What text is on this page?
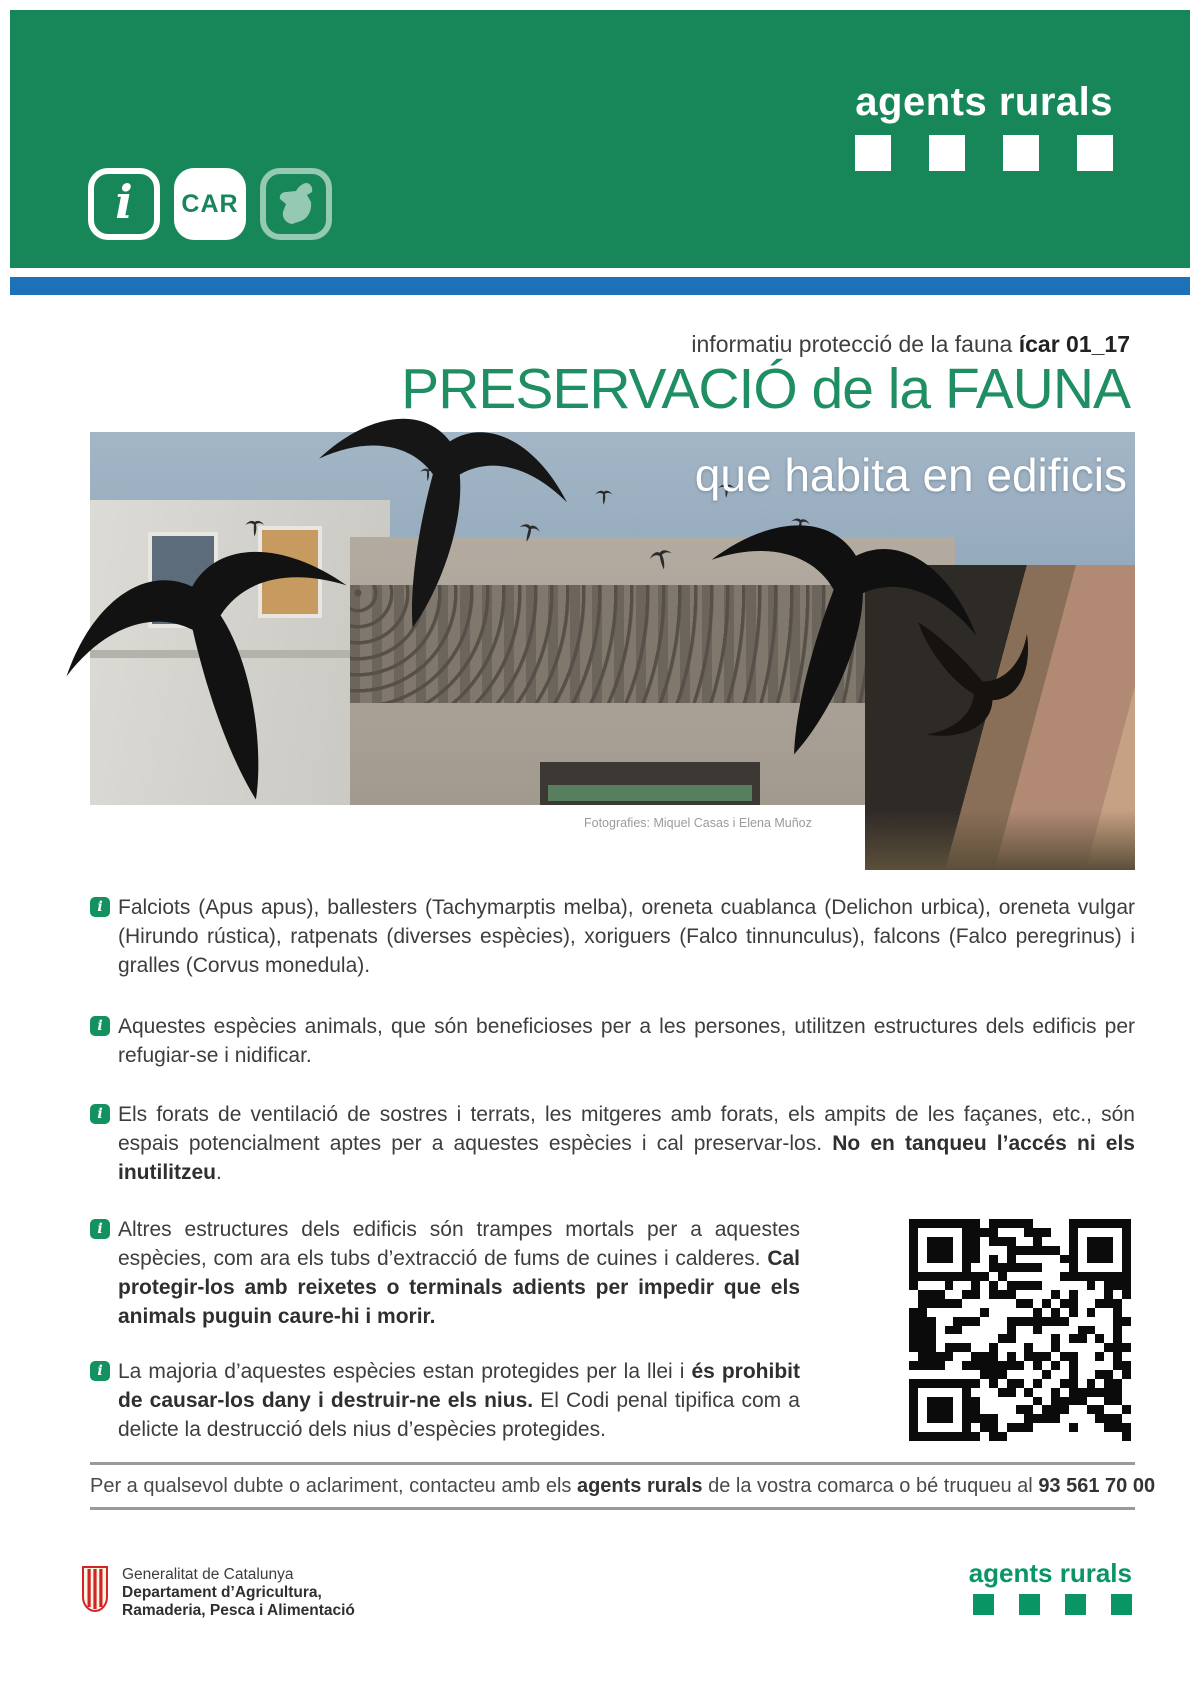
agents rurals
i CAR
informatiu protecció de la fauna ícar 01_17
PRESERVACIÓ de la FAUNA
que habita en edificis
Fotografies: Miquel Casas i Elena Muñoz
i Falciots (Apus apus), ballesters (Tachymarptis melba), oreneta cuablanca (Delichon urbica), oreneta vulgar (Hirundo rústica), ratpenats (diverses espècies), xoriguers (Falco tinnunculus), falcons (Falco peregrinus) i gralles (Corvus monedula).
i Aquestes espècies animals, que són beneficioses per a les persones, utilitzen estructures dels edificis per refugiar-se i nidificar.
i Els forats de ventilació de sostres i terrats, les mitgeres amb forats, els ampits de les façanes, etc., són espais potencialment aptes per a aquestes espècies i cal preservar-los. No en tanqueu l’accés ni els inutilitzeu.
i Altres estructures dels edificis són trampes mortals per a aquestes espècies, com ara els tubs d’extracció de fums de cuines i calderes. Cal protegir-los amb reixetes o terminals adients per impedir que els animals puguin caure-hi i morir.
i La majoria d’aquestes espècies estan protegides per la llei i és prohibit de causar-los dany i destruir-ne els nius. El Codi penal tipifica com a delicte la destrucció dels nius d’espècies protegides.
Per a qualsevol dubte o aclariment, contacteu amb els agents rurals de la vostra comarca o bé truqueu al 93 561 70 00
Generalitat de Catalunya
Departament d’Agricultura,
Ramaderia, Pesca i Alimentació
agents rurals
